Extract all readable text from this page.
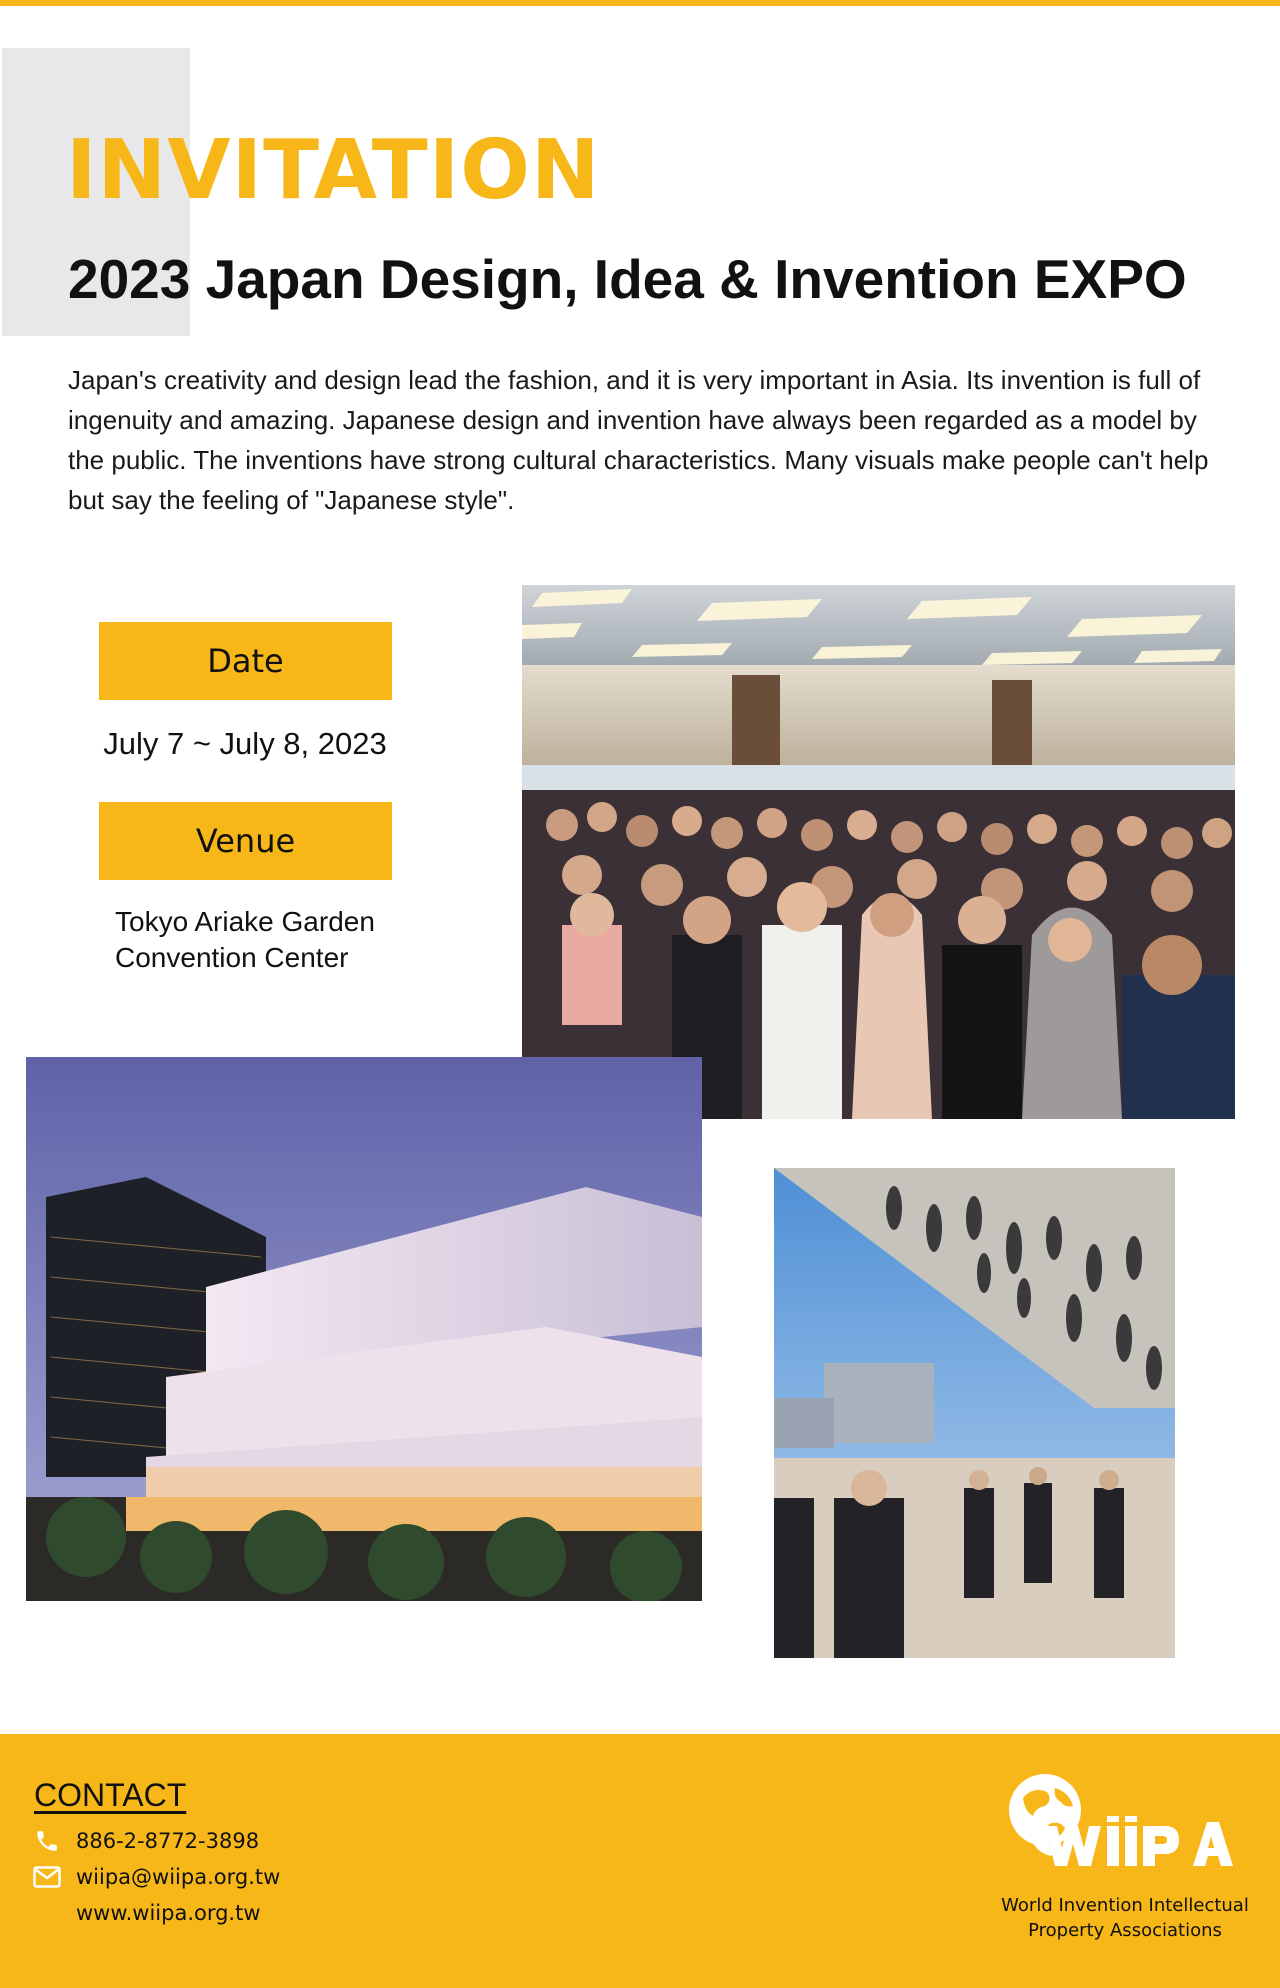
INVITATION
2023 Japan Design, Idea & Invention EXPO

Japan's creativity and design lead the fashion, and it is very important in Asia. Its invention is full of ingenuity and amazing. Japanese design and invention have always been regarded as a model by the public. The inventions have strong cultural characteristics. Many visuals make people can't help but say the feeling of "Japanese style".

Date
July 7 ~ July 8, 2023
Venue
Tokyo Ariake Garden
Convention Center
CONTACT
886-2-8772-3898
wiipa@wiipa.org.tw
www.wiipa.org.tw	World Invention Intellectual
Property Associations
